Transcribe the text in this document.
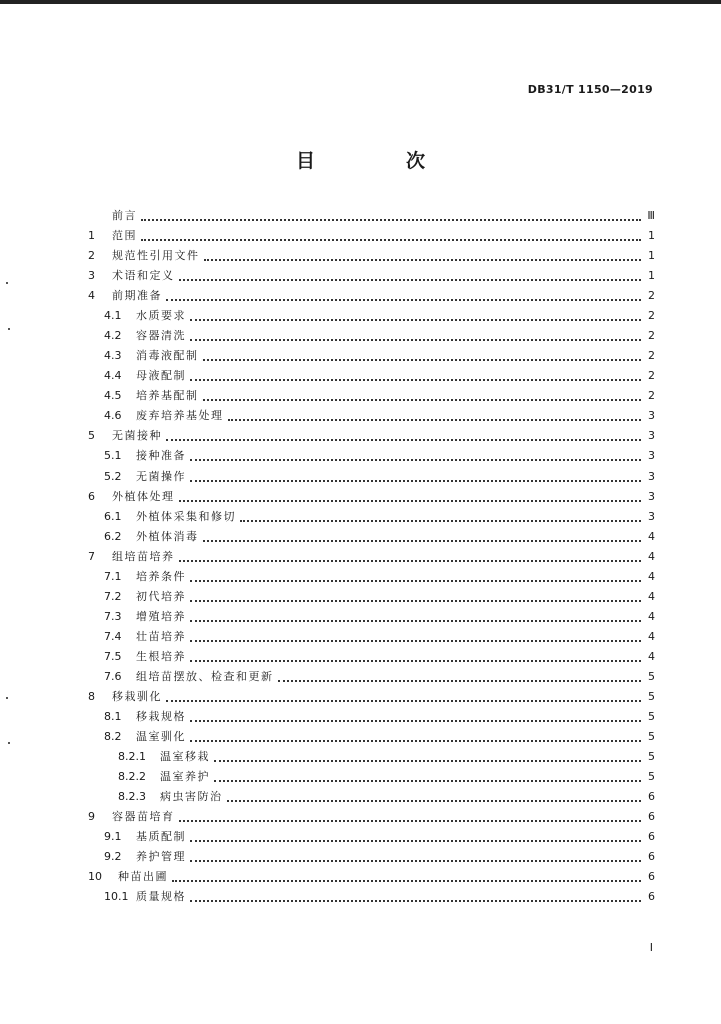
DB31/T 1150—2019
目　次
前言	Ⅲ
1	范围	1
2	规范性引用文件	1
3	术语和定义	1
4	前期准备	2
4.1	水质要求	2
4.2	容器清洗	2
4.3	消毒液配制	2
4.4	母液配制	2
4.5	培养基配制	2
4.6	废弃培养基处理	3
5	无菌接种	3
5.1	接种准备	3
5.2	无菌操作	3
6	外植体处理	3
6.1	外植体采集和修切	3
6.2	外植体消毒	4
7	组培苗培养	4
7.1	培养条件	4
7.2	初代培养	4
7.3	增殖培养	4
7.4	壮苗培养	4
7.5	生根培养	4
7.6	组培苗摆放、检查和更新	5
8	移栽驯化	5
8.1	移栽规格	5
8.2	温室驯化	5
8.2.1	温室移栽	5
8.2.2	温室养护	5
8.2.3	病虫害防治	6
9	容器苗培育	6
9.1	基质配制	6
9.2	养护管理	6
10	种苗出圃	6
10.1 质量规格	6
I
